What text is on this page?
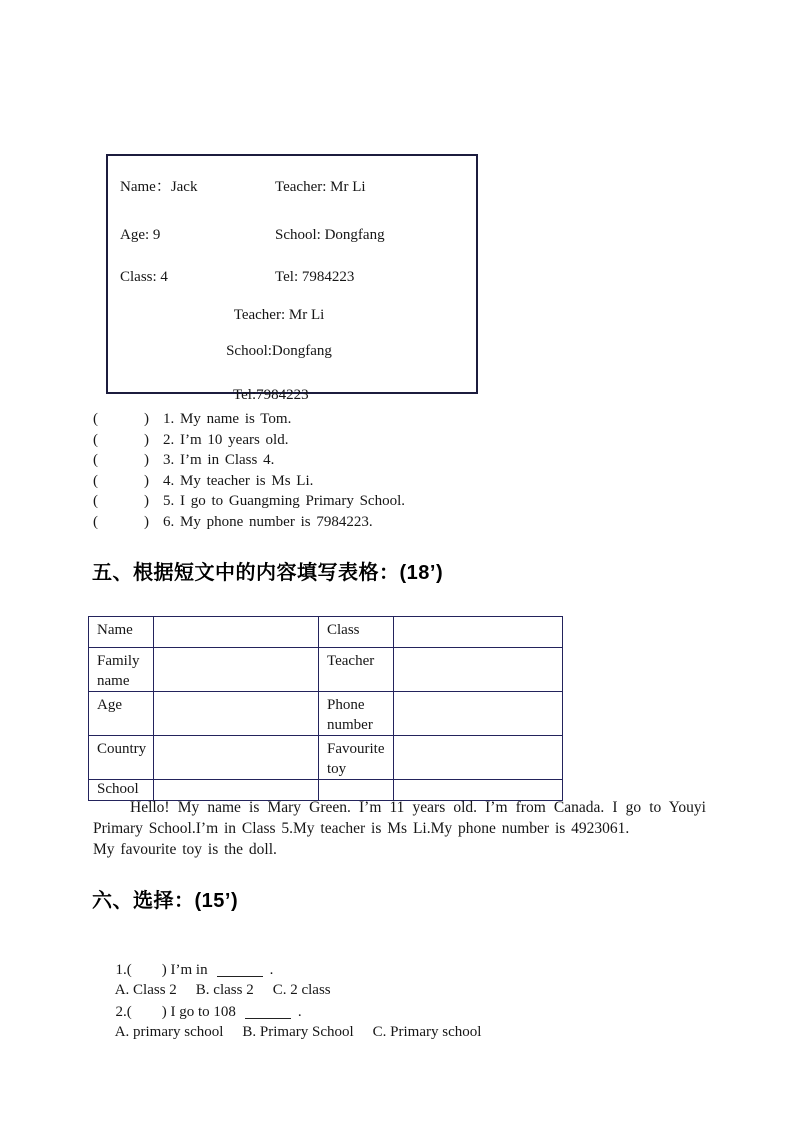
Name：Jack	Teacher: Mr Li
Age: 9	School: Dongfang
Class: 4	Tel: 7984223
Teacher: Mr Li
School:Dongfang
Tel:7984223
(        ) 1. My name is Tom.
(        ) 2. I’m 10 years old.
(        ) 3. I’m in Class 4.
(        ) 4. My teacher is Ms Li.
(        ) 5. I go to Guangming Primary School.
(        ) 6. My phone number is 7984223.
五、根据短文中的内容填写表格：(18’)
Name		Class	
Family name		Teacher	
Age		Phone number	
Country		Favourite toy	
School			
Hello! My name is Mary Green. I’m 11 years old. I’m from Canada. I go to Youyi
Primary School.I’m in Class 5.My teacher is Ms Li.My phone number is 4923061.
My favourite toy is the doll.
六、选择：(15’)

1.(        ) I’m in	.

A. Class 2 B. class 2 C. 2 class

2.(        ) I go to 108	.

A. primary school B. Primary School C. Primary school
